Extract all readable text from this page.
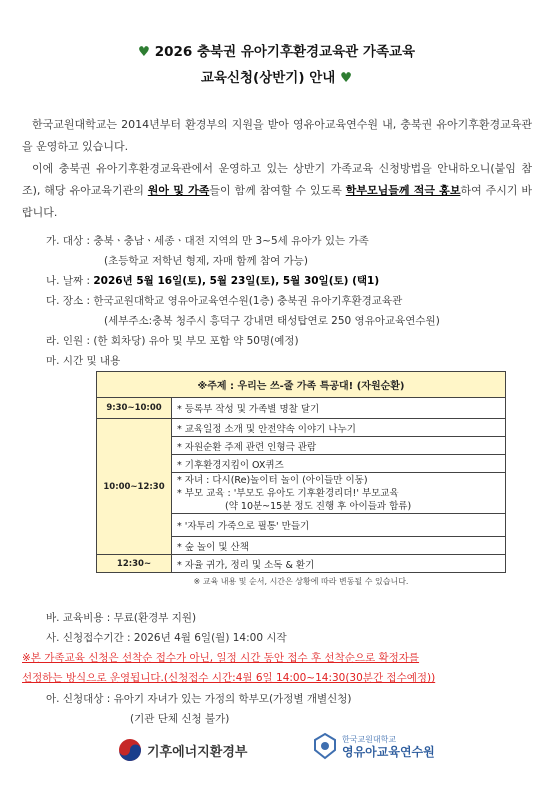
♥ 2026 충북권 유아기후환경교육관 가족교육
교육신청(상반기) 안내 ♥
한국교원대학교는 2014년부터 환경부의 지원을 받아 영유아교육연수원 내, 충북권 유아기후환경교육관을 운영하고 있습니다.
이에 충북권 유아기후환경교육관에서 운영하고 있는 상반기 가족교육 신청방법을 안내하오니(붙임 참조), 해당 유아교육기관의 원아 및 가족들이 함께 참여할 수 있도록 학부모님들께 적극 홍보하여 주시기 바랍니다.
가. 대상 : 충북ㆍ충남ㆍ세종ㆍ대전 지역의 만 3~5세 유아가 있는 가족
(초등학교 저학년 형제, 자매 함께 참여 가능)
나. 날짜 : 2026년 5월 16일(토), 5월 23일(토), 5월 30일(토) (택1)
다. 장소 : 한국교원대학교 영유아교육연수원(1층) 충북권 유아기후환경교육관
(세부주소:충북 청주시 흥덕구 강내면 태성탑연로 250 영유아교육연수원)
라. 인원 : (한 회차당) 유아 및 부모 포함 약 50명(예정)
마. 시간 및 내용
※주제 : 우리는 쓰-줄 가족 특공대! (자원순환)	
9:30~10:00	* 등록부 작성 및 가족별 명찰 달기
10:00~12:30	* 교육일정 소개 및 안전약속 이야기 나누기
	* 자원순환 주제 관련 인형극 관람
	* 기후환경지킴이 OX퀴즈

	* 자녀 : 다시(Re)놀이터 놀이 (아이들만 이동)
* 부모 교육 : '부모도 유아도 기후환경리더!' 부모교육
(약 10분~15분 정도 진행 후 아이들과 합류)

	* '자투리 가죽으로 필통' 만들기
	* 숲 놀이 및 산책
12:30~	* 자율 귀가, 정리 및 소독 & 환기
※ 교육 내용 및 순서, 시간은 상황에 따라 변동될 수 있습니다.
바. 교육비용 : 무료(환경부 지원)
사. 신청접수기간 : 2026년 4월 6일(월) 14:00 시작
※본 가족교육 신청은 선착순 접수가 아닌, 일정 시간 동안 접수 후 선착순으로 확정자를
선정하는 방식으로 운영됩니다.(신청접수 시간:4월 6일 14:00~14:30(30분간 접수예정))
아. 신청대상 : 유아기 자녀가 있는 가정의 학부모(가정별 개별신청)
(기관 단체 신청 불가)
기후에너지환경부
한국교원대학교
영유아교육연수원
